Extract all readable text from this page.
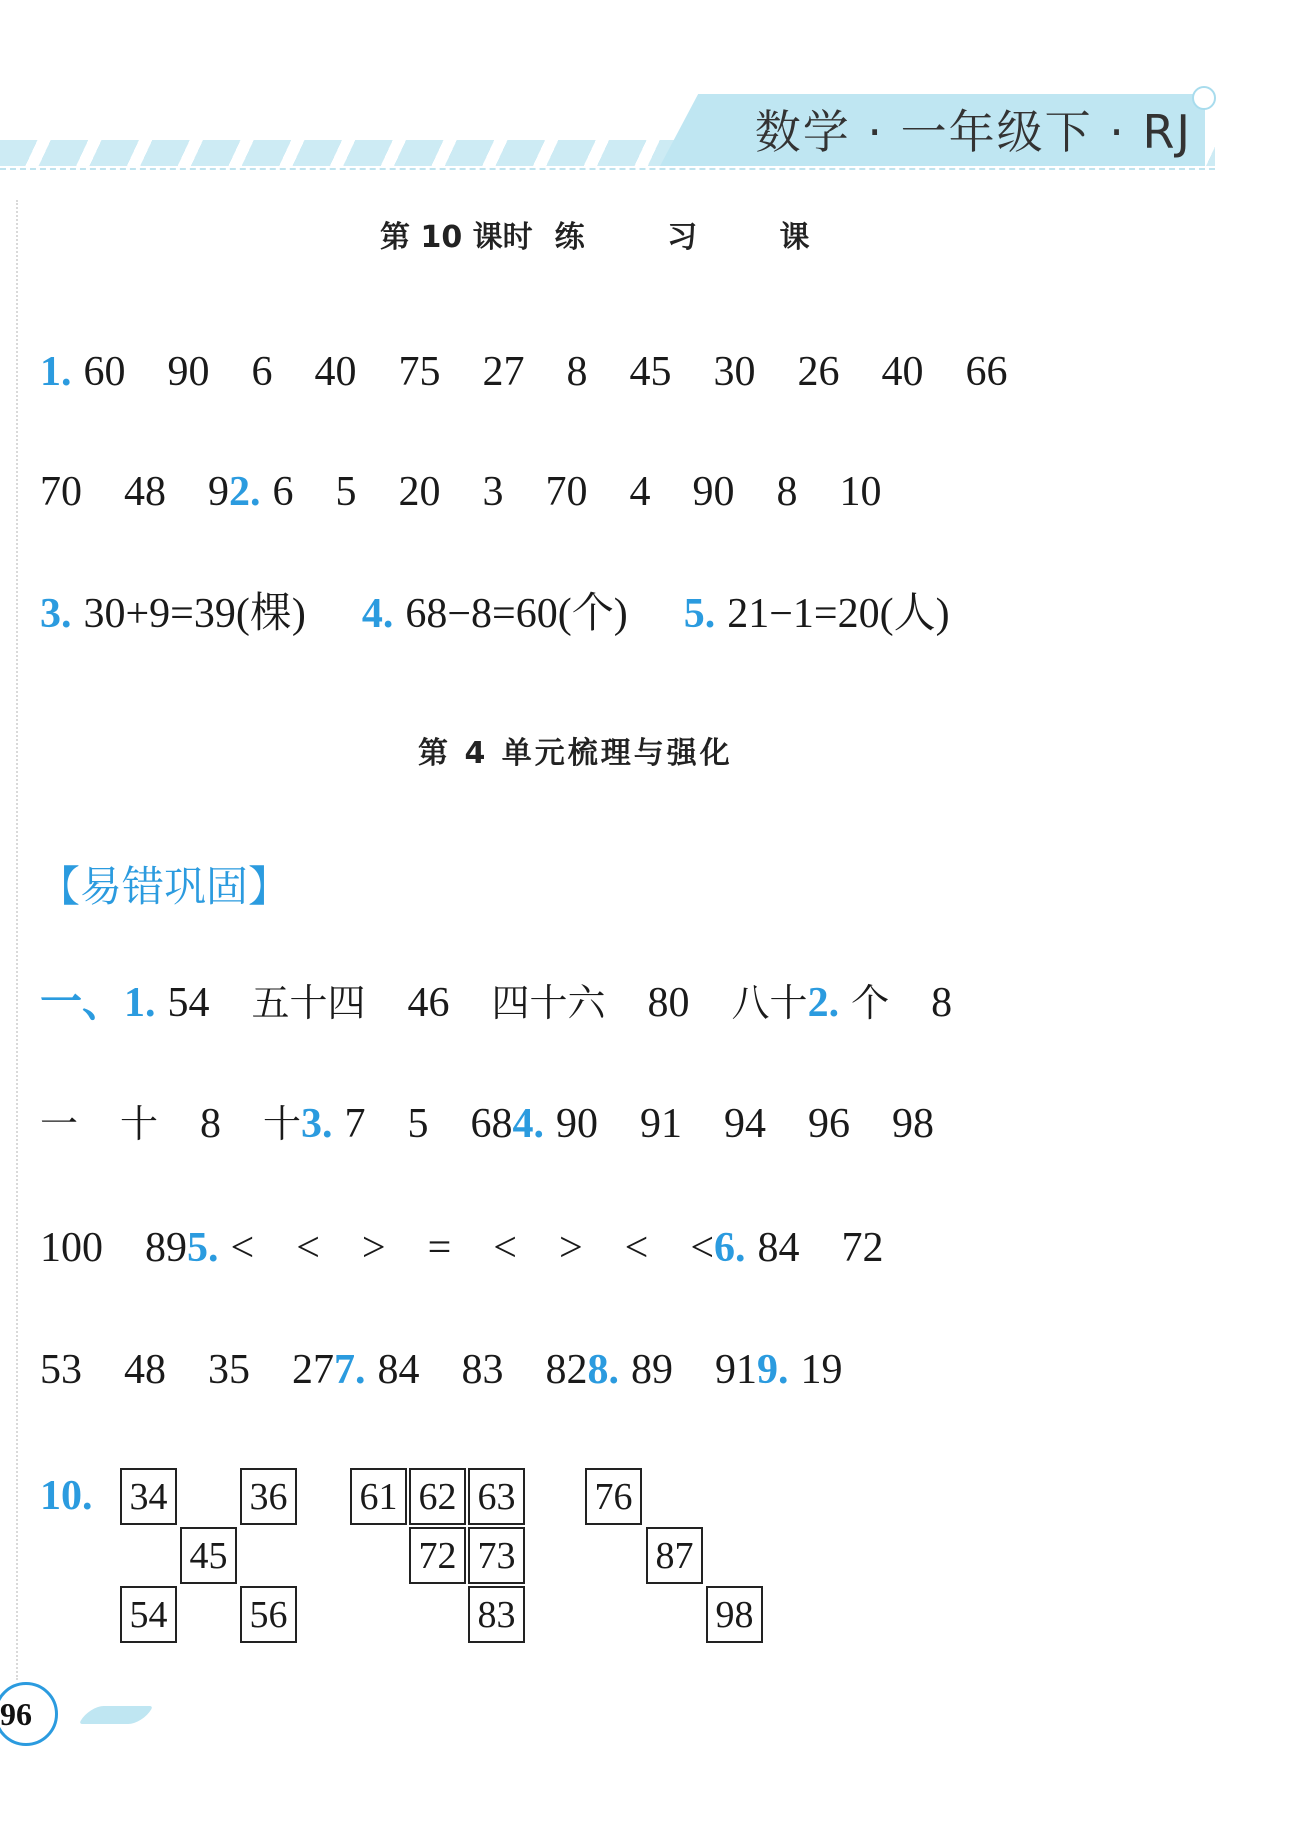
数学 · 一年级下 · RJ
第 10 课时 练 习 课
1. 60 90 6 40 75 27 8 45 30 26 40 66
70 48 92. 6 5 20 3 70 4 90 8 10
3. 30+9=39(棵) 4. 68−8=60(个) 5. 21−1=20(人)
第 4 单元梳理与强化
【易错巩固】
一、1. 54 五十四 46 四十六 80 八十2. 个 8
一 十 8 十3. 7 5 684. 90 91 94 96 98
100 895. < < > = < > < <6. 84 72
53 48 35 277. 84 83 828. 89 919. 19
10. 34 36
45
54 56
61 62 63
72 73
83
76
87
98
96
